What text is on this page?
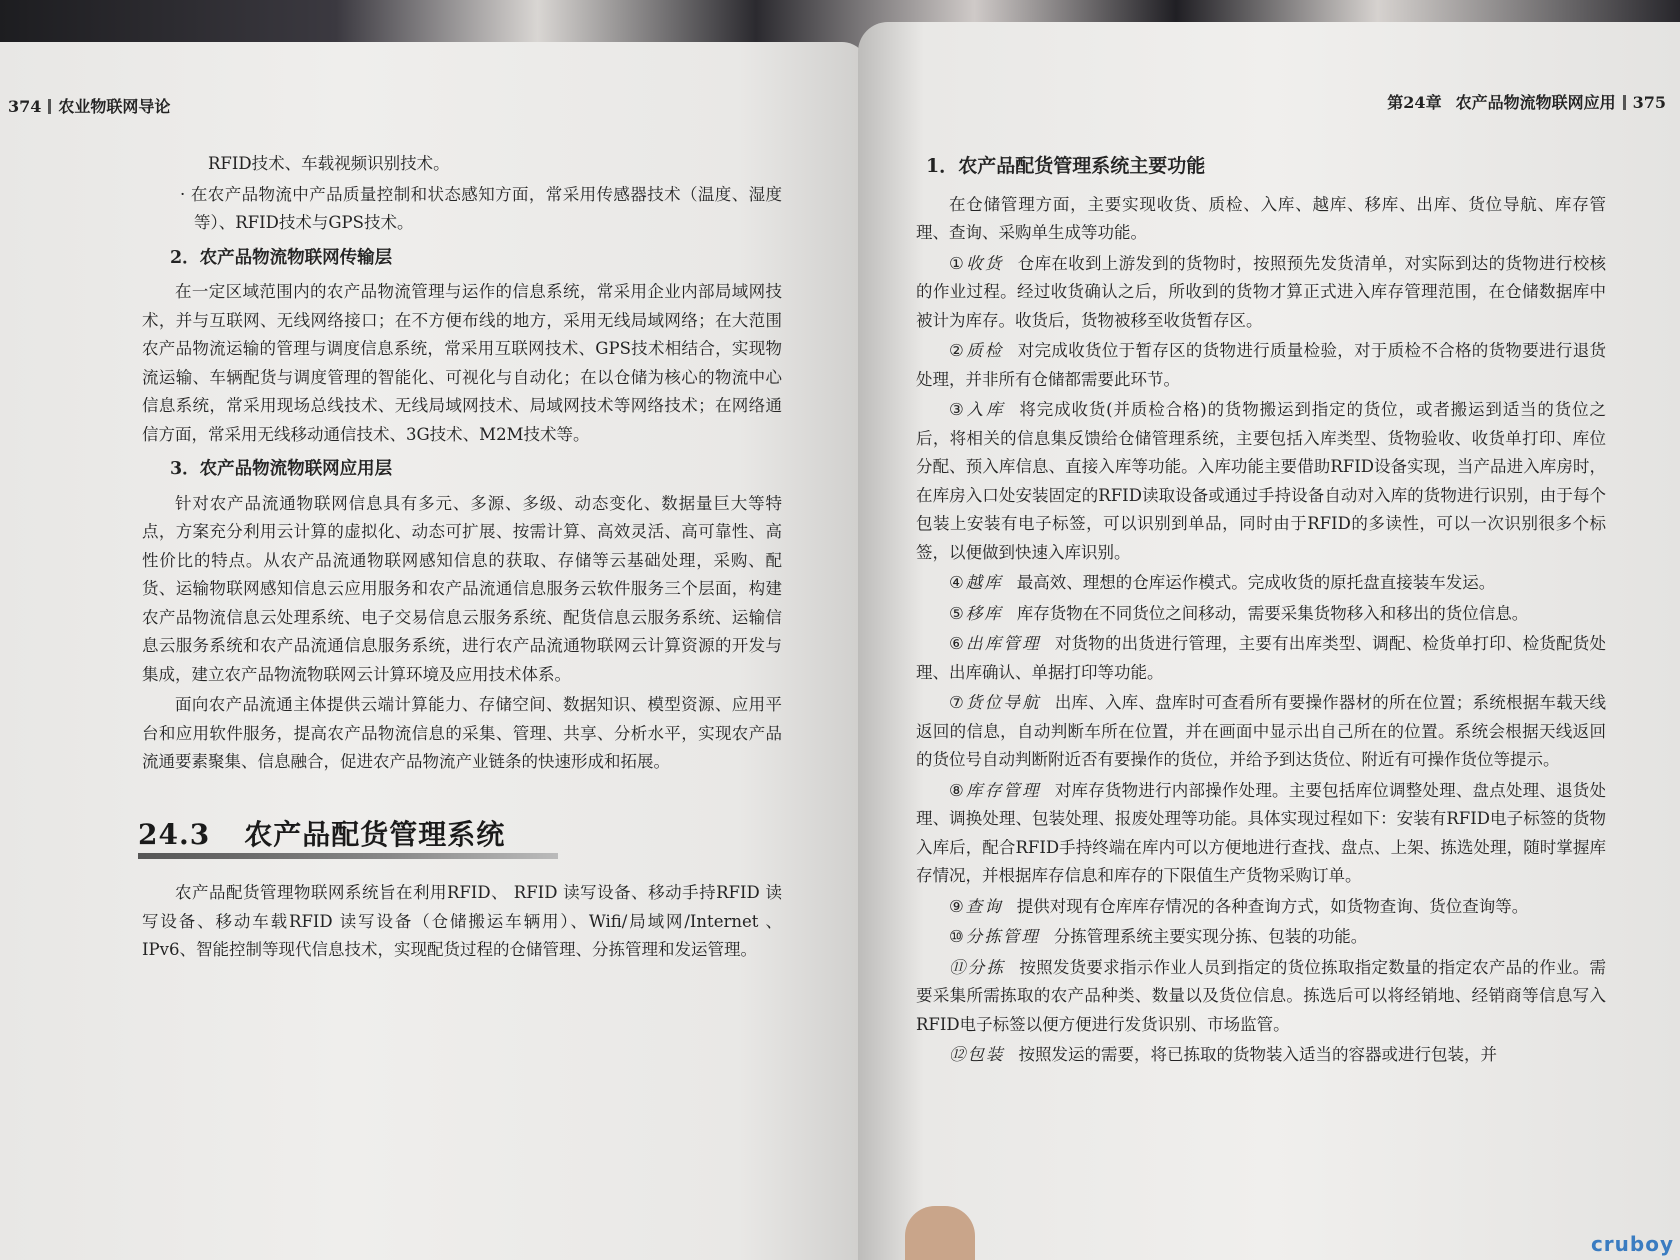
374 农业物联网导论

RFID技术、车载视频识别技术。

· 在农产品物流中产品质量控制和状态感知方面，常采用传感器技术（温度、湿度等）、RFID技术与GPS技术。

2．农产品物流物联网传输层

在一定区域范围内的农产品物流管理与运作的信息系统，常采用企业内部局域网技术，并与互联网、无线网络接口；在不方便布线的地方，采用无线局域网络；在大范围农产品物流运输的管理与调度信息系统，常采用互联网技术、GPS技术相结合，实现物流运输、车辆配货与调度管理的智能化、可视化与自动化；在以仓储为核心的物流中心信息系统，常采用现场总线技术、无线局域网技术、局域网技术等网络技术；在网络通信方面，常采用无线移动通信技术、3G技术、M2M技术等。

3．农产品物流物联网应用层

针对农产品流通物联网信息具有多元、多源、多级、动态变化、数据量巨大等特点，方案充分利用云计算的虚拟化、动态可扩展、按需计算、高效灵活、高可靠性、高性价比的特点。从农产品流通物联网感知信息的获取、存储等云基础处理，采购、配货、运输物联网感知信息云应用服务和农产品流通信息服务云软件服务三个层面，构建农产品物流信息云处理系统、电子交易信息云服务系统、配货信息云服务系统、运输信息云服务系统和农产品流通信息服务系统，进行农产品流通物联网云计算资源的开发与集成，建立农产品物流物联网云计算环境及应用技术体系。

面向农产品流通主体提供云端计算能力、存储空间、数据知识、模型资源、应用平台和应用软件服务，提高农产品物流信息的采集、管理、共享、分析水平，实现农产品流通要素聚集、信息融合，促进农产品物流产业链条的快速形成和拓展。

24.3 农产品配货管理系统

农产品配货管理物联网系统旨在利用RFID、 RFID 读写设备、移动手持RFID 读写设备、移动车载RFID 读写设备（仓储搬运车辆用）、Wifi/局域网/Internet 、IPv6、智能控制等现代信息技术，实现配货过程的仓储管理、分拣管理和发运管理。

第24章 农产品物流物联网应用 375
1．农产品配货管理系统主要功能

在仓储管理方面，主要实现收货、质检、入库、越库、移库、出库、货位导航、库存管理、查询、采购单生成等功能。

①收货 仓库在收到上游发到的货物时，按照预先发货清单，对实际到达的货物进行校核的作业过程。经过收货确认之后，所收到的货物才算正式进入库存管理范围，在仓储数据库中被计为库存。收货后，货物被移至收货暂存区。

②质检 对完成收货位于暂存区的货物进行质量检验，对于质检不合格的货物要进行退货处理，并非所有仓储都需要此环节。

③入库 将完成收货(并质检合格)的货物搬运到指定的货位，或者搬运到适当的货位之后，将相关的信息集反馈给仓储管理系统，主要包括入库类型、货物验收、收货单打印、库位分配、预入库信息、直接入库等功能。入库功能主要借助RFID设备实现，当产品进入库房时，在库房入口处安装固定的RFID读取设备或通过手持设备自动对入库的货物进行识别，由于每个包装上安装有电子标签，可以识别到单品，同时由于RFID的多读性，可以一次识别很多个标签，以便做到快速入库识别。

④越库 最高效、理想的仓库运作模式。完成收货的原托盘直接装车发运。

⑤移库 库存货物在不同货位之间移动，需要采集货物移入和移出的货位信息。

⑥出库管理 对货物的出货进行管理，主要有出库类型、调配、检货单打印、检货配货处理、出库确认、单据打印等功能。

⑦货位导航 出库、入库、盘库时可查看所有要操作器材的所在位置；系统根据车载天线返回的信息，自动判断车所在位置，并在画面中显示出自己所在的位置。系统会根据天线返回的货位号自动判断附近否有要操作的货位，并给予到达货位、附近有可操作货位等提示。

⑧库存管理 对库存货物进行内部操作处理。主要包括库位调整处理、盘点处理、退货处理、调换处理、包装处理、报废处理等功能。具体实现过程如下：安装有RFID电子标签的货物入库后，配合RFID手持终端在库内可以方便地进行查找、盘点、上架、拣选处理，随时掌握库存情况，并根据库存信息和库存的下限值生产货物采购订单。

⑨查询 提供对现有仓库库存情况的各种查询方式，如货物查询、货位查询等。

⑩分拣管理 分拣管理系统主要实现分拣、包装的功能。

⑪分拣 按照发货要求指示作业人员到指定的货位拣取指定数量的指定农产品的作业。需要采集所需拣取的农产品种类、数量以及货位信息。拣选后可以将经销地、经销商等信息写入RFID电子标签以便方便进行发货识别、市场监管。

⑫包装 按照发运的需要，将已拣取的货物装入适当的容器或进行包装，并

cruboy
